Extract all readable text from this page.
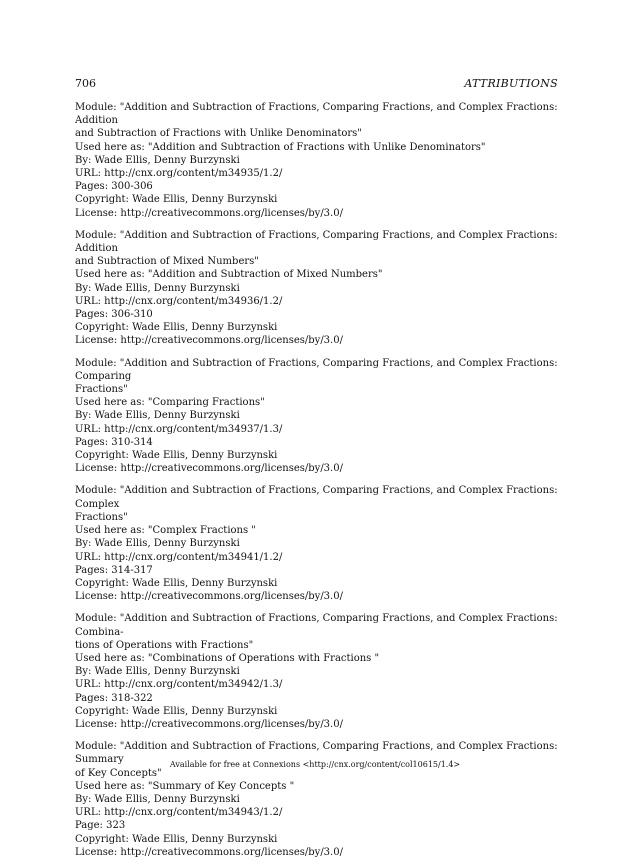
706	ATTRIBUTIONS
Module: "Addition and Subtraction of Fractions, Comparing Fractions, and Complex Fractions: Addition
and Subtraction of Fractions with Unlike Denominators"
Used here as: "Addition and Subtraction of Fractions with Unlike Denominators"
By: Wade Ellis, Denny Burzynski
URL: http://cnx.org/content/m34935/1.2/
Pages: 300-306
Copyright: Wade Ellis, Denny Burzynski
License: http://creativecommons.org/licenses/by/3.0/
Module: "Addition and Subtraction of Fractions, Comparing Fractions, and Complex Fractions: Addition
and Subtraction of Mixed Numbers"
Used here as: "Addition and Subtraction of Mixed Numbers"
By: Wade Ellis, Denny Burzynski
URL: http://cnx.org/content/m34936/1.2/
Pages: 306-310
Copyright: Wade Ellis, Denny Burzynski
License: http://creativecommons.org/licenses/by/3.0/
Module: "Addition and Subtraction of Fractions, Comparing Fractions, and Complex Fractions: Comparing
Fractions"
Used here as: "Comparing Fractions"
By: Wade Ellis, Denny Burzynski
URL: http://cnx.org/content/m34937/1.3/
Pages: 310-314
Copyright: Wade Ellis, Denny Burzynski
License: http://creativecommons.org/licenses/by/3.0/
Module: "Addition and Subtraction of Fractions, Comparing Fractions, and Complex Fractions: Complex
Fractions"
Used here as: "Complex Fractions "
By: Wade Ellis, Denny Burzynski
URL: http://cnx.org/content/m34941/1.2/
Pages: 314-317
Copyright: Wade Ellis, Denny Burzynski
License: http://creativecommons.org/licenses/by/3.0/
Module: "Addition and Subtraction of Fractions, Comparing Fractions, and Complex Fractions: Combina-
tions of Operations with Fractions"
Used here as: "Combinations of Operations with Fractions "
By: Wade Ellis, Denny Burzynski
URL: http://cnx.org/content/m34942/1.3/
Pages: 318-322
Copyright: Wade Ellis, Denny Burzynski
License: http://creativecommons.org/licenses/by/3.0/
Module: "Addition and Subtraction of Fractions, Comparing Fractions, and Complex Fractions: Summary
of Key Concepts"
Used here as: "Summary of Key Concepts "
By: Wade Ellis, Denny Burzynski
URL: http://cnx.org/content/m34943/1.2/
Page: 323
Copyright: Wade Ellis, Denny Burzynski
License: http://creativecommons.org/licenses/by/3.0/
Available for free at Connexions <http://cnx.org/content/col10615/1.4>
